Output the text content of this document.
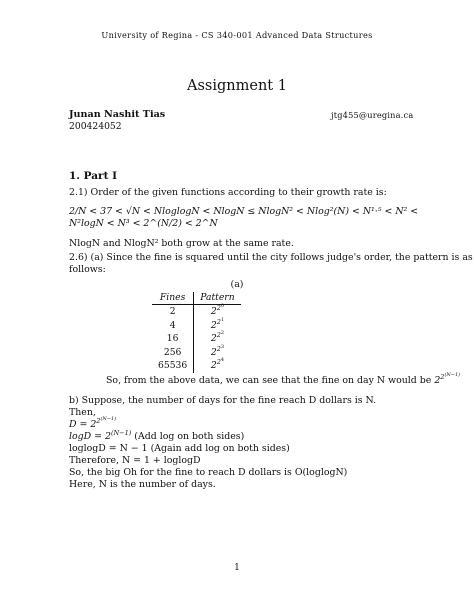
University of Regina - CS 340-001 Advanced Data Structures
Assignment 1
Junan Nashit Tias	jtg455@uregina.ca
200424052
1. Part I
2.1) Order of the given functions according to their growth rate is:
2/N < 37 < √N < NloglogN < NlogN ≤ NlogN² < Nlog²(N) < N¹·⁵ < N² <
N²logN < N³ < 2^(N/2) < 2^N
NlogN and NlogN² both grow at the same rate.
2.6) (a) Since the fine is squared until the city follows judge's order, the pattern is as
follows:
(a)
Fines	Pattern
2	$2^{2^0}$
4	$2^{2^1}$
16	$2^{2^2}$
256	$2^{2^3}$
65536	$2^{2^4}$
So, from the above data, we can see that the fine on day N would be $2^{2^{(N-1)}}$
b) Suppose, the number of days for the fine reach D dollars is N.
Then,
$D = 2^{2^{(N-1)}}$
$\log D = 2^{(N-1)}$ (Add log on both sides)
loglogD = N − 1 (Again add log on both sides)
Therefore, N = 1 + loglogD
So, the big Oh for the fine to reach D dollars is O(loglogN)
Here, N is the number of days.
1
